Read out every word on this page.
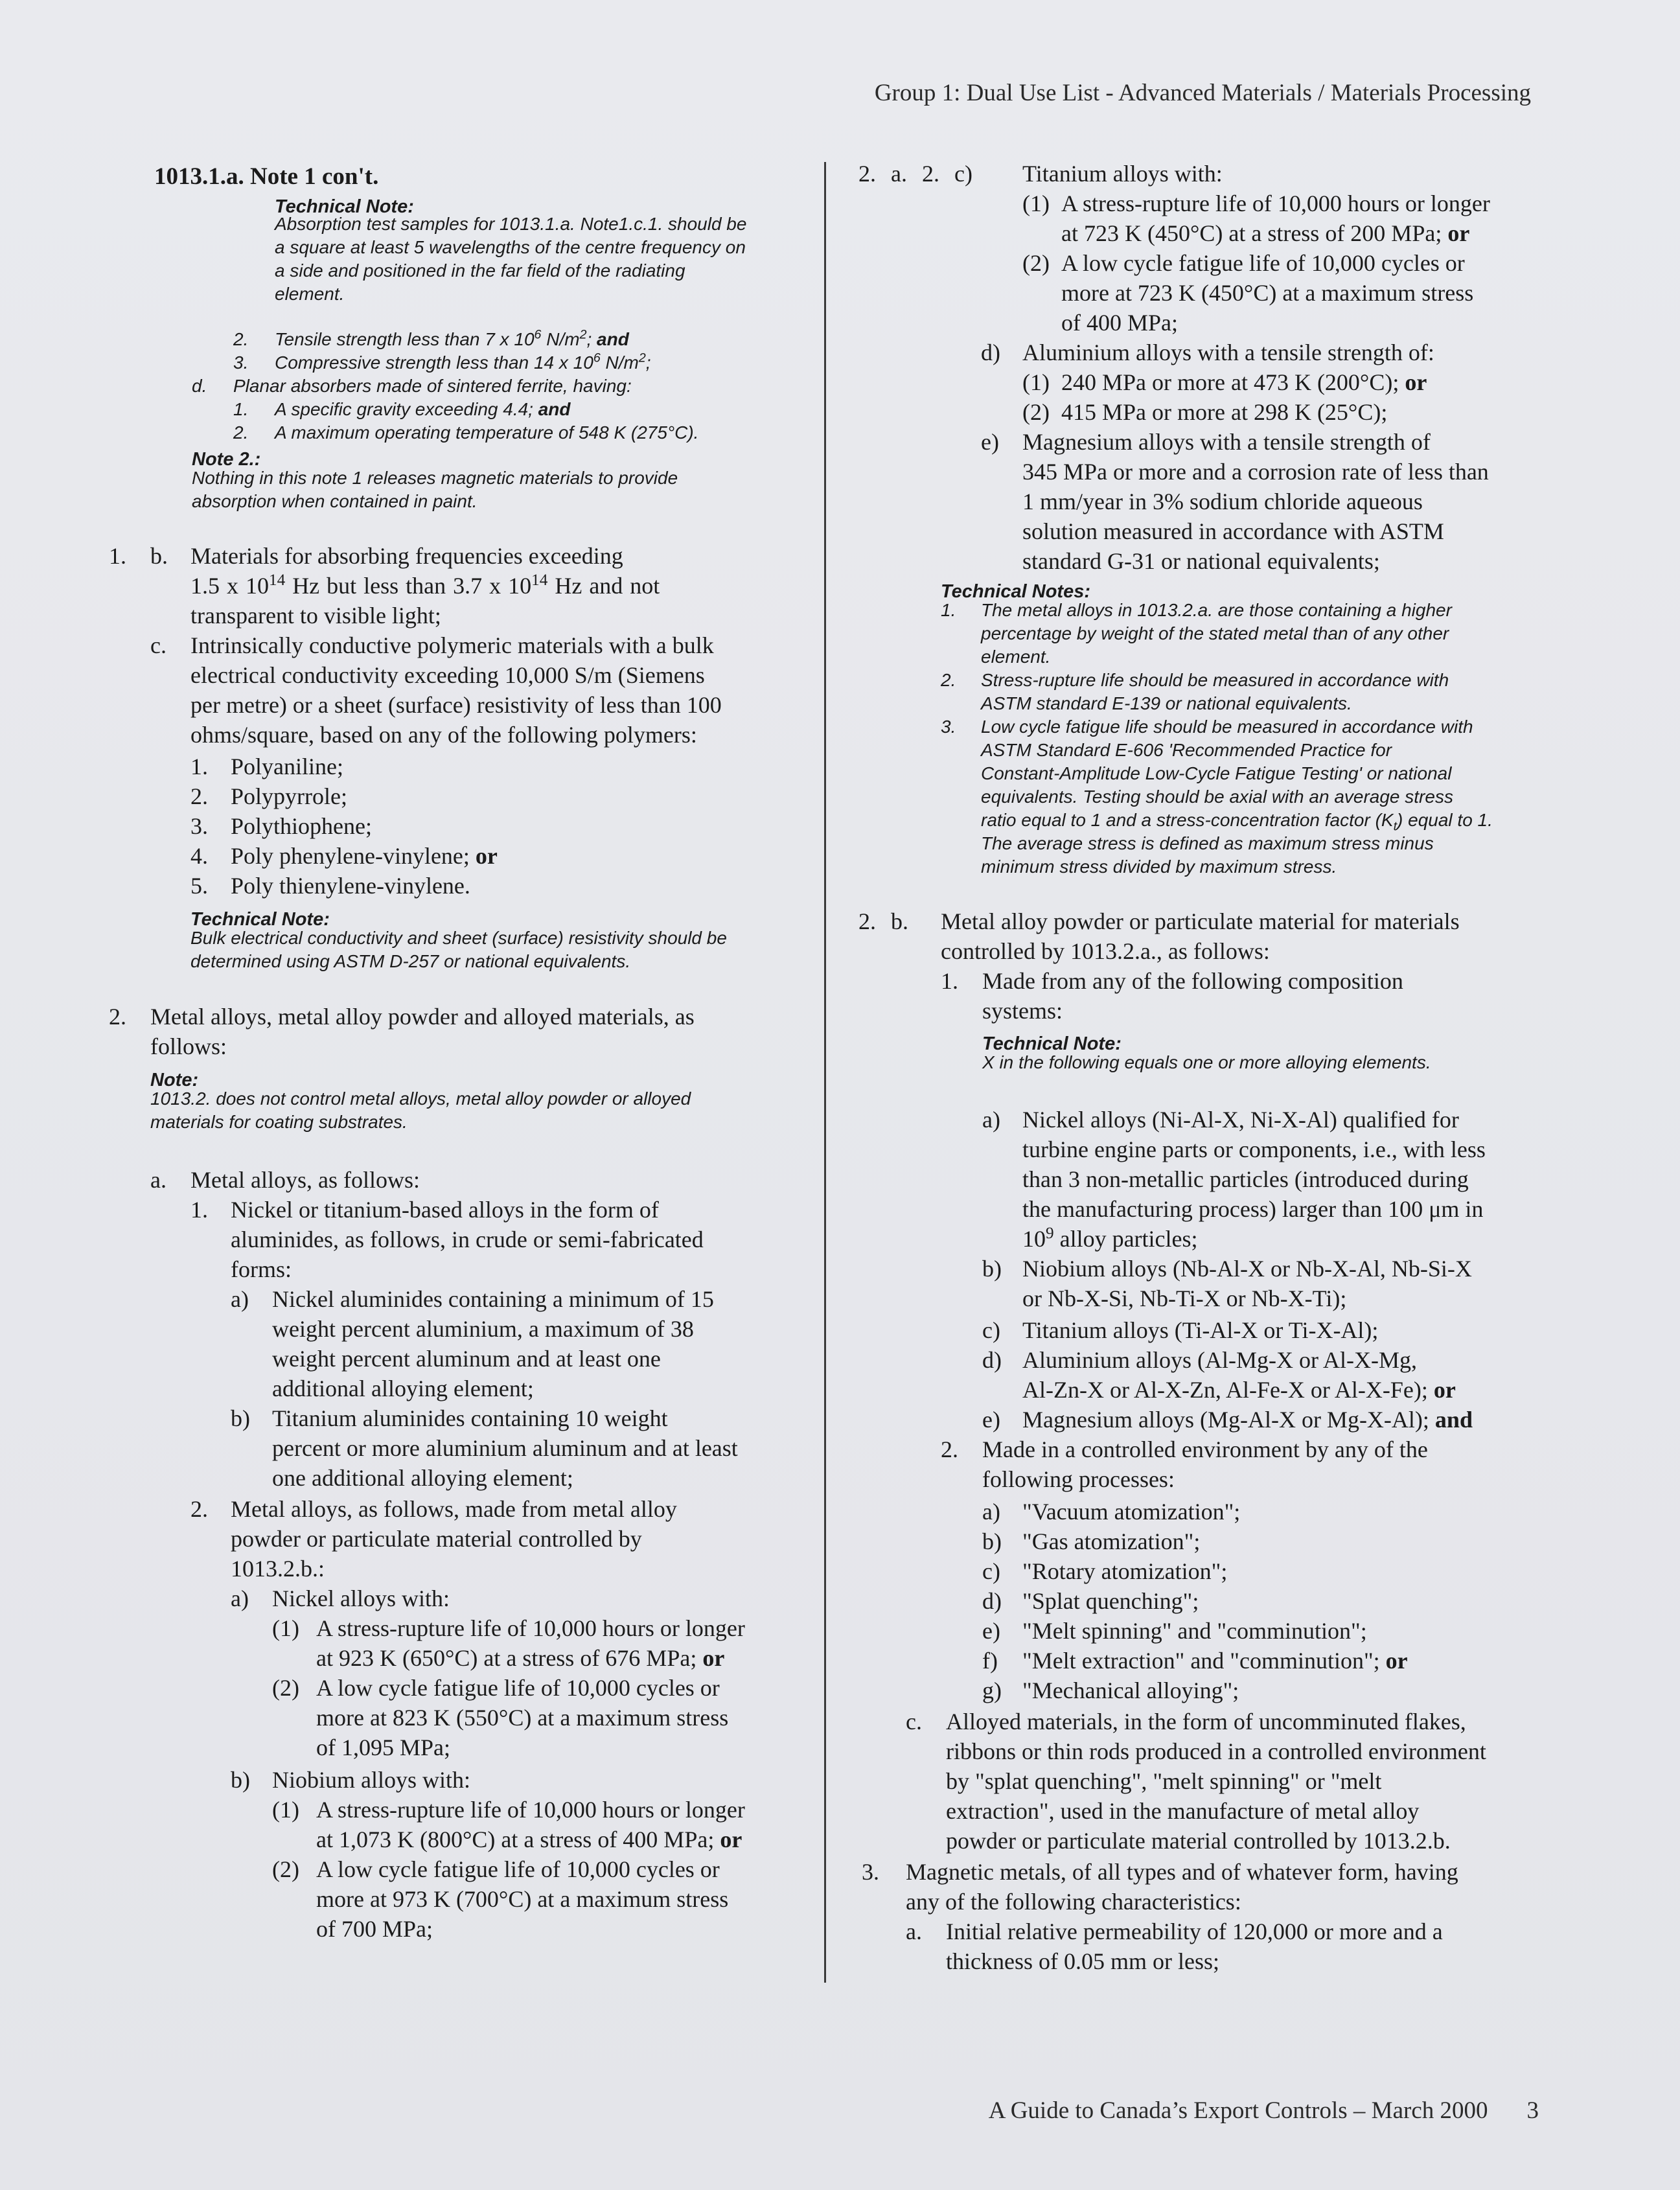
Group 1: Dual Use List - Advanced Materials / Materials Processing
1013.1.a. Note 1 con't.
Technical Note:
Absorption test samples for 1013.1.a. Note1.c.1. should be
a square at least 5 wavelengths of the centre frequency on
a side and positioned in the far field of the radiating
element.
2. Tensile strength less than 7 x $10^6$ $N/m^2$; and
3. Compressive strength less than 14 x $10^6$ $N/m^2$;
d. Planar absorbers made of sintered ferrite, having:
1. A specific gravity exceeding 4.4; and
2. A maximum operating temperature of 548 K (275°C).
Note 2.:
Nothing in this note 1 releases magnetic materials to provide
absorption when contained in paint.
1. b. Materials for absorbing frequencies exceeding
1.5 x $10^{14}$ Hz but less than 3.7 x $10^{14}$ Hz and not
transparent to visible light;
c. Intrinsically conductive polymeric materials with a bulk
electrical conductivity exceeding 10,000 S/m (Siemens
per metre) or a sheet (surface) resistivity of less than 100
ohms/square, based on any of the following polymers:
1. Polyaniline;
2. Polypyrrole;
3. Polythiophene;
4. Poly phenylene-vinylene; or
5. Poly thienylene-vinylene.
Technical Note:
Bulk electrical conductivity and sheet (surface) resistivity should be
determined using ASTM D-257 or national equivalents.
2. Metal alloys, metal alloy powder and alloyed materials, as
follows:
Note:
1013.2. does not control metal alloys, metal alloy powder or alloyed
materials for coating substrates.
a. Metal alloys, as follows:
1. Nickel or titanium-based alloys in the form of
aluminides, as follows, in crude or semi-fabricated
forms:
a) Nickel aluminides containing a minimum of 15
weight percent aluminium, a maximum of 38
weight percent aluminum and at least one
additional alloying element;
b) Titanium aluminides containing 10 weight
percent or more aluminium aluminum and at least
one additional alloying element;
2. Metal alloys, as follows, made from metal alloy
powder or particulate material controlled by
1013.2.b.:
a) Nickel alloys with:
(1) A stress-rupture life of 10,000 hours or longer
at 923 K (650°C) at a stress of 676 MPa; or
(2) A low cycle fatigue life of 10,000 cycles or
more at 823 K (550°C) at a maximum stress
of 1,095 MPa;
b) Niobium alloys with:
(1) A stress-rupture life of 10,000 hours or longer
at 1,073 K (800°C) at a stress of 400 MPa; or
(2) A low cycle fatigue life of 10,000 cycles or
more at 973 K (700°C) at a maximum stress
of 700 MPa;
2. a. 2. c) Titanium alloys with:
(1) A stress-rupture life of 10,000 hours or longer
at 723 K (450°C) at a stress of 200 MPa; or
(2) A low cycle fatigue life of 10,000 cycles or
more at 723 K (450°C) at a maximum stress
of 400 MPa;
d) Aluminium alloys with a tensile strength of:
(1) 240 MPa or more at 473 K (200°C); or
(2) 415 MPa or more at 298 K (25°C);
e) Magnesium alloys with a tensile strength of
345 MPa or more and a corrosion rate of less than
1 mm/year in 3% sodium chloride aqueous
solution measured in accordance with ASTM
standard G-31 or national equivalents;
Technical Notes:
1. The metal alloys in 1013.2.a. are those containing a higher
percentage by weight of the stated metal than of any other
element.
2. Stress-rupture life should be measured in accordance with
ASTM standard E-139 or national equivalents.
3. Low cycle fatigue life should be measured in accordance with
ASTM Standard E-606 'Recommended Practice for
Constant-Amplitude Low-Cycle Fatigue Testing' or national
equivalents. Testing should be axial with an average stress
ratio equal to 1 and a stress-concentration factor $(K_t)$ equal to 1.
The average stress is defined as maximum stress minus
minimum stress divided by maximum stress.
2. b. Metal alloy powder or particulate material for materials
controlled by 1013.2.a., as follows:
1. Made from any of the following compo​sition
systems:
Technical Note:
X in the following equals one or more alloying elements.
a) Nickel alloys (Ni-Al-X, Ni-X-Al) qualified for
turbine engine parts or components, i.e., with less
than 3 non-metallic particles (introduced during
the manufacturing process) larger than 100 μm in
$10^9$ alloy particles;
b) Niobium alloys (Nb-Al-X or Nb-X-Al, Nb-Si-X
or Nb-X-Si, Nb-Ti-X or Nb-X-Ti);
c) Titanium alloys (Ti-Al-X or Ti-X-Al);
d) Aluminium alloys (Al-Mg-X or Al-X-Mg,
Al-Zn-X or Al-X-Zn, Al-Fe-X or Al-X-Fe); or
e) Magnesium alloys (Mg-Al-X or Mg-X-Al); and
2. Made in a controlled environment by any of the
following processes:
a) "Vacuum atomization";
b) "Gas atomization";
c) "Rotary atomization";
d) "Splat quenching";
e) "Melt spinning" and "comminution";
f) "Melt extraction" and "comminution"; or
g) "Mechanical alloying";
c. Alloyed materials, in the form of uncomminuted flakes,
ribbons or thin rods produced in a controlled environment
by "splat quenching", "melt spinning" or "melt
extraction", used in the manufacture of metal alloy
powder or particulate material controlled by 1013.2.b.
3. Magnetic metals, of all types and of whatever form, having
any of the following characteristics:
a. Initial relative permeability of 120,000 or more and a
thickness of 0.05 mm or less;
A Guide to Canada’s Export Controls – March 2000 3
